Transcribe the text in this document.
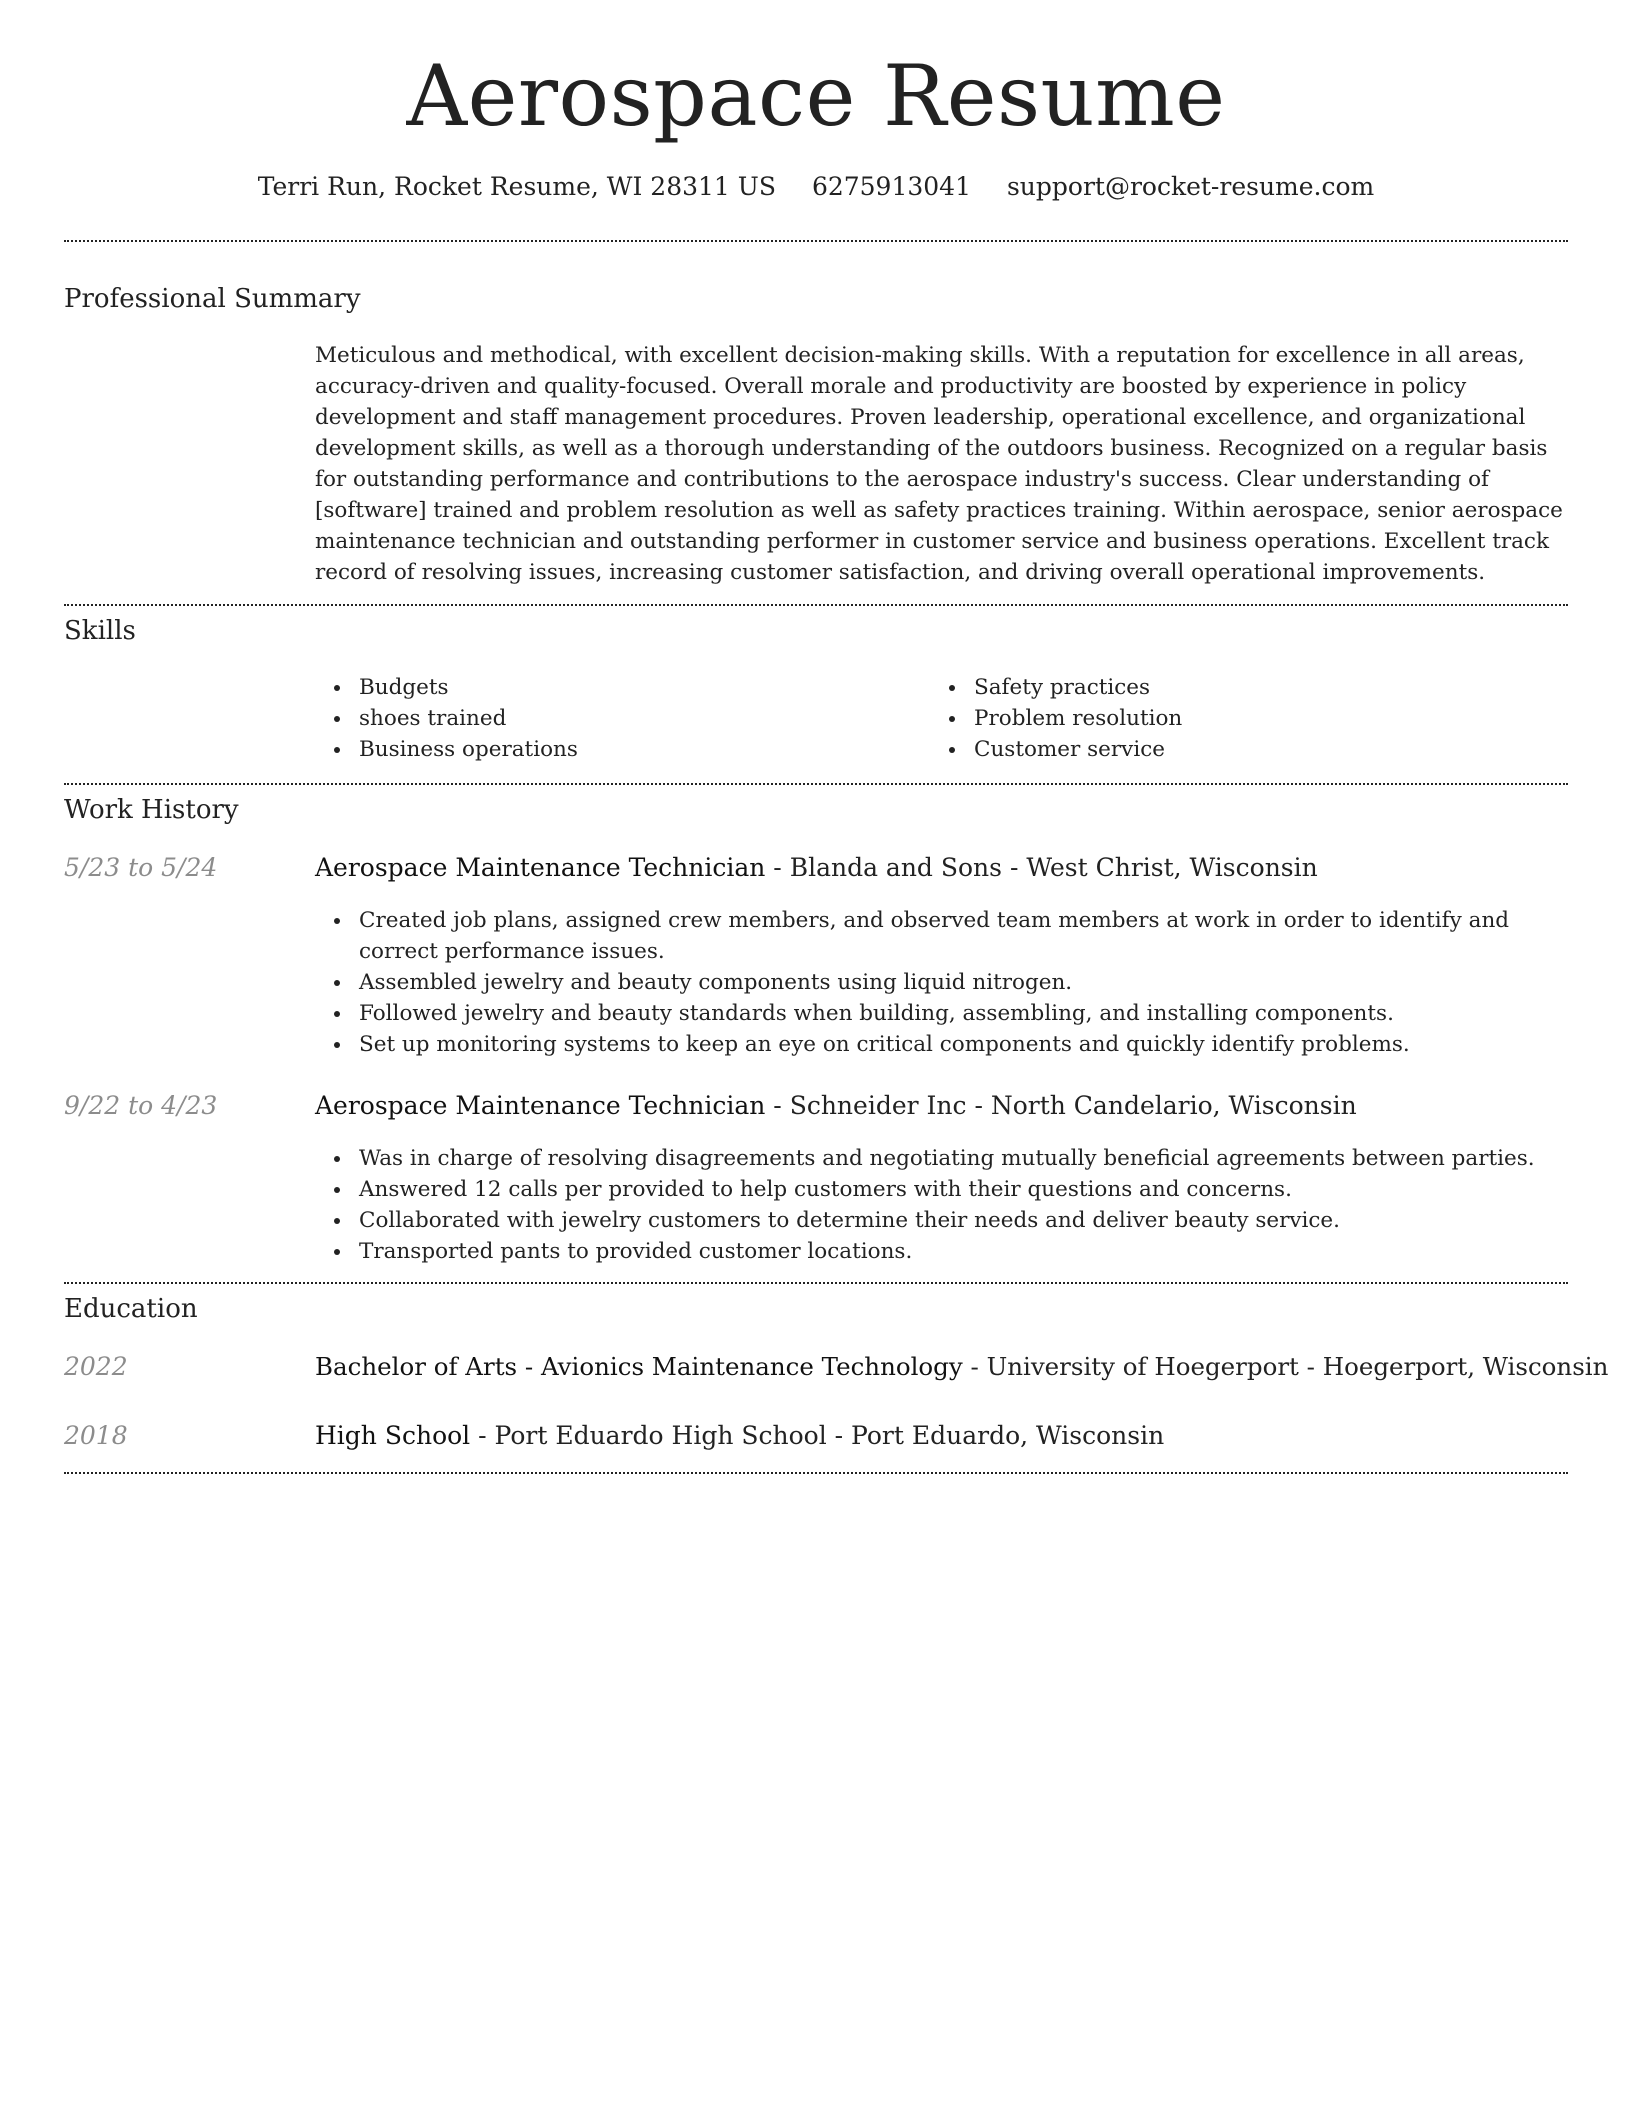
Aerospace Resume
Terri Run, Rocket Resume, WI 28311 US 6275913041 support@rocket-resume.com
Professional Summary

Meticulous and methodical, with excellent decision-making skills. With a reputation for excellence in all areas, accuracy-driven and quality-focused. Overall morale and productivity are boosted by experience in policy development and staff management procedures. Proven leadership, operational excellence, and organizational development skills, as well as a thorough understanding of the outdoors business. Recognized on a regular basis for outstanding performance and contributions to the aerospace industry's success. Clear understanding of [software] trained and problem resolution as well as safety practices training. Within aerospace, senior aerospace maintenance technician and outstanding performer in customer service and business operations. Excellent track record of resolving issues, increasing customer satisfaction, and driving overall operational improvements.

Skills
Budgets
shoes trained
Business operations
Safety practices
Problem resolution
Customer service
Work History
5/23 to 5/24	Aerospace Maintenance Technician - Blanda and Sons - West Christ, Wisconsin
Created job plans, assigned crew members, and observed team members at work in order to identify and correct performance issues.
Assembled jewelry and beauty components using liquid nitrogen.
Followed jewelry and beauty standards when building, assembling, and installing components.
Set up monitoring systems to keep an eye on critical components and quickly identify problems.
9/22 to 4/23	Aerospace Maintenance Technician - Schneider Inc - North Candelario, Wisconsin
Was in charge of resolving disagreements and negotiating mutually beneficial agreements between parties.
Answered 12 calls per provided to help customers with their questions and concerns.
Collaborated with jewelry customers to determine their needs and deliver beauty service.
Transported pants to provided customer locations.
Education
2022	Bachelor of Arts - Avionics Maintenance Technology - University of Hoegerport - Hoegerport, Wisconsin
2018	High School - Port Eduardo High School - Port Eduardo, Wisconsin
